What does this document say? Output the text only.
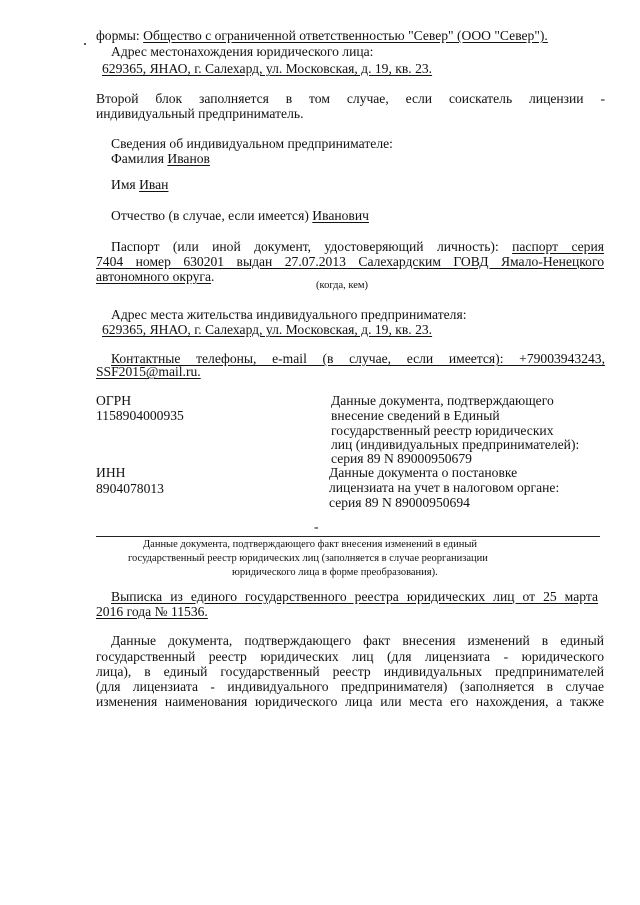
формы: Общество с ограниченной ответственностью "Север" (ООО "Север").
Адрес местонахождения юридического лица:
629365, ЯНАО, г. Салехард, ул. Московская, д. 19, кв. 23.
Второй блок заполняется в том случае, если соискатель лицензии -
индивидуальный предприниматель.
Сведения об индивидуальном предпринимателе:
Фамилия Иванов
Имя Иван
Отчество (в случае, если имеется) Иванович
Паспорт (или иной документ, удостоверяющий личность): паспорт серия
7404 номер 630201 выдан 27.07.2013 Салехардским ГОВД Ямало-Ненецкого
автономного округа.
(когда, кем)
Адрес места жительства индивидуального предпринимателя:
629365, ЯНАО, г. Салехард, ул. Московская, д. 19, кв. 23.
Контактные телефоны, e-mail (в случае, если имеется): +79003943243,
SSF2015@mail.ru.
ОГРН
1158904000935
Данные документа, подтверждающего
внесение сведений в Единый
государственный реестр юридических
лиц (индивидуальных предпринимателей):
серия 89 N 89000950679
ИНН
8904078013
Данные документа о постановке
лицензиата на учет в налоговом органе:
серия 89 N 89000950694
-
Данные документа, подтверждающего факт внесения изменений в единый
государственный реестр юридических лиц (заполняется в случае реорганизации
юридического лица в форме преобразования).
Выписка из единого государственного реестра юридических лиц от 25 марта
2016 года № 11536.
Данные документа, подтверждающего факт внесения изменений в единый
государственный реестр юридических лиц (для лицензиата - юридического
лица), в единый государственный реестр индивидуальных предпринимателей
(для лицензиата - индивидуального предпринимателя) (заполняется в случае
изменения наименования юридического лица или места его нахождения, а также
